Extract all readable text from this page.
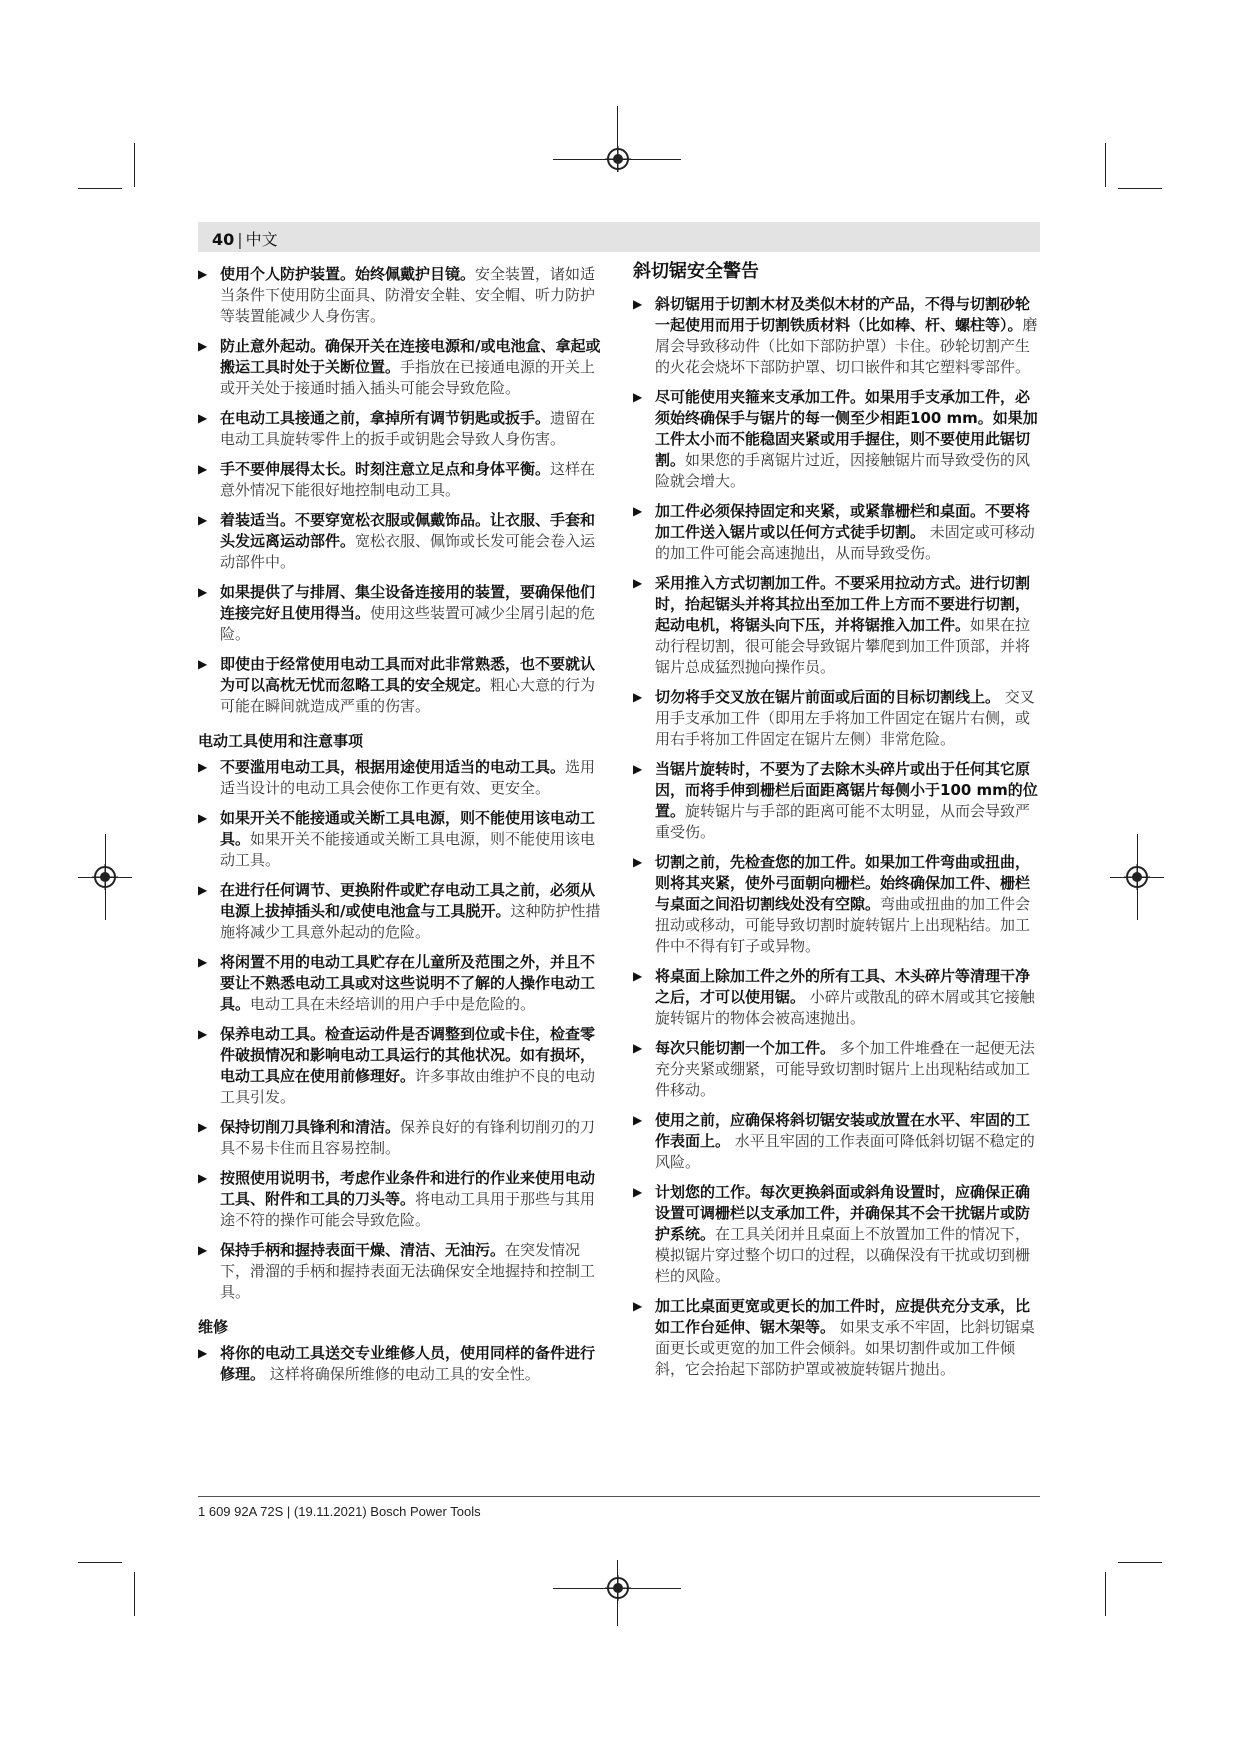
40 | 中文
▶ 使用个人防护装置。始终佩戴护目镜。安全装置，诸如适当条件下使用防尘面具、防滑安全鞋、安全帽、听力防护等装置能减少人身伤害。
▶ 防止意外起动。确保开关在连接电源和/或电池盒、拿起或搬运工具时处于关断位置。手指放在已接通电源的开关上或开关处于接通时插入插头可能会导致危险。
▶ 在电动工具接通之前，拿掉所有调节钥匙或扳手。遗留在电动工具旋转零件上的扳手或钥匙会导致人身伤害。
▶ 手不要伸展得太长。时刻注意立足点和身体平衡。这样在意外情况下能很好地控制电动工具。
▶ 着装适当。不要穿宽松衣服或佩戴饰品。让衣服、手套和头发远离运动部件。宽松衣服、佩饰或长发可能会卷入运动部件中。
▶ 如果提供了与排屑、集尘设备连接用的装置，要确保他们连接完好且使用得当。使用这些装置可减少尘屑引起的危险。
▶ 即使由于经常使用电动工具而对此非常熟悉，也不要就认为可以高枕无忧而忽略工具的安全规定。粗心大意的行为可能在瞬间就造成严重的伤害。
电动工具使用和注意事项
▶ 不要滥用电动工具，根据用途使用适当的电动工具。选用适当设计的电动工具会使你工作更有效、更安全。
▶ 如果开关不能接通或关断工具电源，则不能使用该电动工具。如果开关不能接通或关断工具电源，则不能使用该电动工具。
▶ 在进行任何调节、更换附件或贮存电动工具之前，必须从电源上拔掉插头和/或使电池盒与工具脱开。这种防护性措施将减少工具意外起动的危险。
▶ 将闲置不用的电动工具贮存在儿童所及范围之外，并且不要让不熟悉电动工具或对这些说明不了解的人操作电动工具。电动工具在未经培训的用户手中是危险的。
▶ 保养电动工具。检查运动件是否调整到位或卡住，检查零件破损情况和影响电动工具运行的其他状况。如有损坏，电动工具应在使用前修理好。许多事故由维护不良的电动工具引发。
▶ 保持切削刀具锋利和清洁。保养良好的有锋利切削刃的刀具不易卡住而且容易控制。
▶ 按照使用说明书，考虑作业条件和进行的作业来使用电动工具、附件和工具的刀头等。将电动工具用于那些与其用途不符的操作可能会导致危险。
▶ 保持手柄和握持表面干燥、清洁、无油污。在突发情况下，滑溜的手柄和握持表面无法确保安全地握持和控制工具。
维修
▶ 将你的电动工具送交专业维修人员，使用同样的备件进行修理。 这样将确保所维修的电动工具的安全性。
斜切锯安全警告
▶ 斜切锯用于切割木材及类似木材的产品，不得与切割砂轮一起使用而用于切割铁质材料（比如棒、杆、螺柱等）。磨屑会导致移动件（比如下部防护罩）卡住。砂轮切割产生的火花会烧坏下部防护罩、切口嵌件和其它塑料零部件。
▶ 尽可能使用夹箍来支承加工件。如果用手支承加工件，必须始终确保手与锯片的每一侧至少相距100 mm。如果加工件太小而不能稳固夹紧或用手握住，则不要使用此锯切割。如果您的手离锯片过近，因接触锯片而导致受伤的风险就会增大。
▶ 加工件必须保持固定和夹紧，或紧靠栅栏和桌面。不要将加工件送入锯片或以任何方式徒手切割。 未固定或可移动的加工件可能会高速抛出，从而导致受伤。
▶ 采用推入方式切割加工件。不要采用拉动方式。进行切割时，抬起锯头并将其拉出至加工件上方而不要进行切割，起动电机，将锯头向下压，并将锯推入加工件。如果在拉动行程切割，很可能会导致锯片攀爬到加工件顶部，并将锯片总成猛烈抛向操作员。
▶ 切勿将手交叉放在锯片前面或后面的目标切割线上。 交叉用手支承加工件（即用左手将加工件固定在锯片右侧，或用右手将加工件固定在锯片左侧）非常危险。
▶ 当锯片旋转时，不要为了去除木头碎片或出于任何其它原因，而将手伸到栅栏后面距离锯片每侧小于100 mm的位置。旋转锯片与手部的距离可能不太明显，从而会导致严重受伤。
▶ 切割之前，先检查您的加工件。如果加工件弯曲或扭曲，则将其夹紧，使外弓面朝向栅栏。始终确保加工件、栅栏与桌面之间沿切割线处没有空隙。弯曲或扭曲的加工件会扭动或移动，可能导致切割时旋转锯片上出现粘结。加工件中不得有钉子或异物。
▶ 将桌面上除加工件之外的所有工具、木头碎片等清理干净之后，才可以使用锯。 小碎片或散乱的碎木屑或其它接触旋转锯片的物体会被高速抛出。
▶ 每次只能切割一个加工件。 多个加工件堆叠在一起便无法充分夹紧或绷紧，可能导致切割时锯片上出现粘结或加工件移动。
▶ 使用之前，应确保将斜切锯安装或放置在水平、牢固的工作表面上。 水平且牢固的工作表面可降低斜切锯不稳定的风险。
▶ 计划您的工作。每次更换斜面或斜角设置时，应确保正确设置可调栅栏以支承加工件，并确保其不会干扰锯片或防护系统。在工具关闭并且桌面上不放置加工件的情况下，模拟锯片穿过整个切口的过程，以确保没有干扰或切到栅栏的风险。
▶ 加工比桌面更宽或更长的加工件时，应提供充分支承，比如工作台延伸、锯木架等。 如果支承不牢固，比斜切锯桌面更长或更宽的加工件会倾斜。如果切割件或加工件倾斜，它会抬起下部防护罩或被旋转锯片抛出。
1 609 92A 72S | (19.11.2021) Bosch Power Tools
